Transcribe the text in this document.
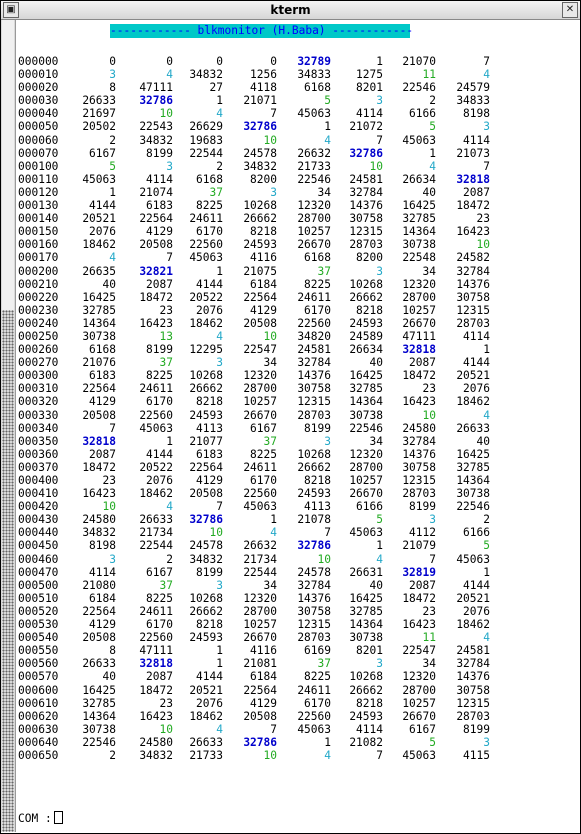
▣	kterm	✕
------------ blkmonitor (H.Baba) ------------
000000	0	0	0	0	32789	1	21070	7
000010	3	4	34832	1256	34833	1275	11	4
000020	8	47111	27	4118	6168	8201	22546	24579
000030	26633	32786	1	21071	5	3	2	34833
000040	21697	10	4	7	45063	4114	6166	8198
000050	20502	22543	26629	32786	1	21072	5	3
000060	2	34832	19683	10	4	7	45063	4114
000070	6167	8199	22544	24578	26632	32786	1	21073
000100	5	3	2	34832	21733	10	4	7
000110	45063	4114	6168	8200	22546	24581	26634	32818
000120	1	21074	37	3	34	32784	40	2087
000130	4144	6183	8225	10268	12320	14376	16425	18472
000140	20521	22564	24611	26662	28700	30758	32785	23
000150	2076	4129	6170	8218	10257	12315	14364	16423
000160	18462	20508	22560	24593	26670	28703	30738	10
000170	4	7	45063	4116	6168	8200	22548	24582
000200	26635	32821	1	21075	37	3	34	32784
000210	40	2087	4144	6184	8225	10268	12320	14376
000220	16425	18472	20522	22564	24611	26662	28700	30758
000230	32785	23	2076	4129	6170	8218	10257	12315
000240	14364	16423	18462	20508	22560	24593	26670	28703
000250	30738	13	4	10	34820	24589	47111	4114
000260	6168	8199	12295	22547	24581	26634	32818	1
000270	21076	37	3	34	32784	40	2087	4144
000300	6183	8225	10268	12320	14376	16425	18472	20521
000310	22564	24611	26662	28700	30758	32785	23	2076
000320	4129	6170	8218	10257	12315	14364	16423	18462
000330	20508	22560	24593	26670	28703	30738	10	4
000340	7	45063	4113	6167	8199	22546	24580	26633
000350	32818	1	21077	37	3	34	32784	40
000360	2087	4144	6183	8225	10268	12320	14376	16425
000370	18472	20522	22564	24611	26662	28700	30758	32785
000400	23	2076	4129	6170	8218	10257	12315	14364
000410	16423	18462	20508	22560	24593	26670	28703	30738
000420	10	4	7	45063	4113	6166	8199	22546
000430	24580	26633	32786	1	21078	5	3	2
000440	34832	21734	10	4	7	45063	4112	6166
000450	8198	22544	24578	26632	32786	1	21079	5
000460	3	2	34832	21734	10	4	7	45063
000470	4114	6167	8199	22544	24578	26631	32819	1
000500	21080	37	3	34	32784	40	2087	4144
000510	6184	8225	10268	12320	14376	16425	18472	20521
000520	22564	24611	26662	28700	30758	32785	23	2076
000530	4129	6170	8218	10257	12315	14364	16423	18462
000540	20508	22560	24593	26670	28703	30738	11	4
000550	8	47111	1	4116	6169	8201	22547	24581
000560	26633	32818	1	21081	37	3	34	32784
000570	40	2087	4144	6184	8225	10268	12320	14376
000600	16425	18472	20521	22564	24611	26662	28700	30758
000610	32785	23	2076	4129	6170	8218	10257	12315
000620	14364	16423	18462	20508	22560	24593	26670	28703
000630	30738	10	4	7	45063	4114	6167	8199
000640	22546	24580	26633	32786	1	21082	5	3
000650	2	34832	21733	10	4	7	45063	4115
COM :
